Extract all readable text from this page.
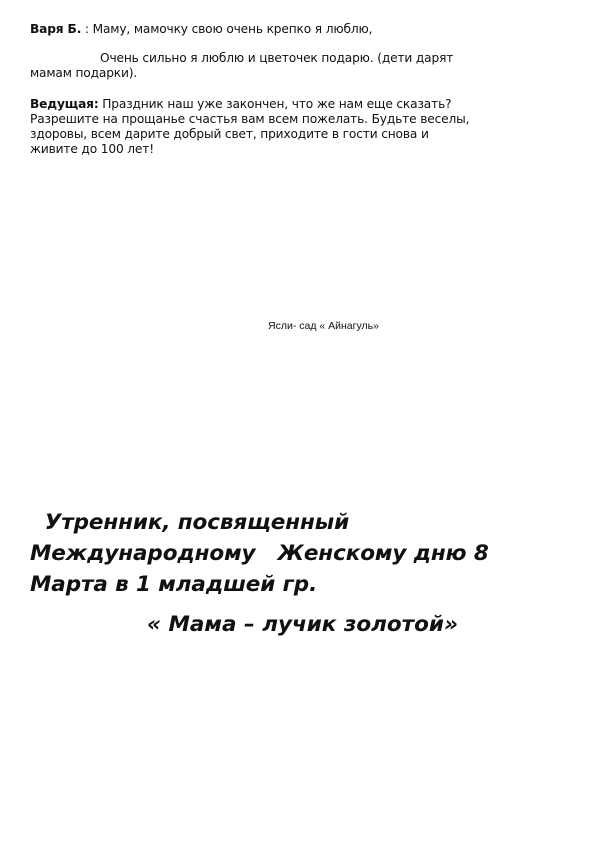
Варя Б. : Маму, мамочку свою очень крепко я люблю,
Очень сильно я люблю и цветочек подарю. (дети дарят
мамам подарки).
Ведущая: Праздник наш уже закончен, что же нам еще сказать?
Разрешите на прощанье счастья вам всем пожелать. Будьте веселы,
здоровы, всем дарите добрый свет, приходите в гости снова и
живите до 100 лет!
Ясли- сад « Айнагуль»
Утренник, посвященный
Международному   Женскому дню 8
Марта в 1 младшей гр.
« Мама – лучик золотой»
